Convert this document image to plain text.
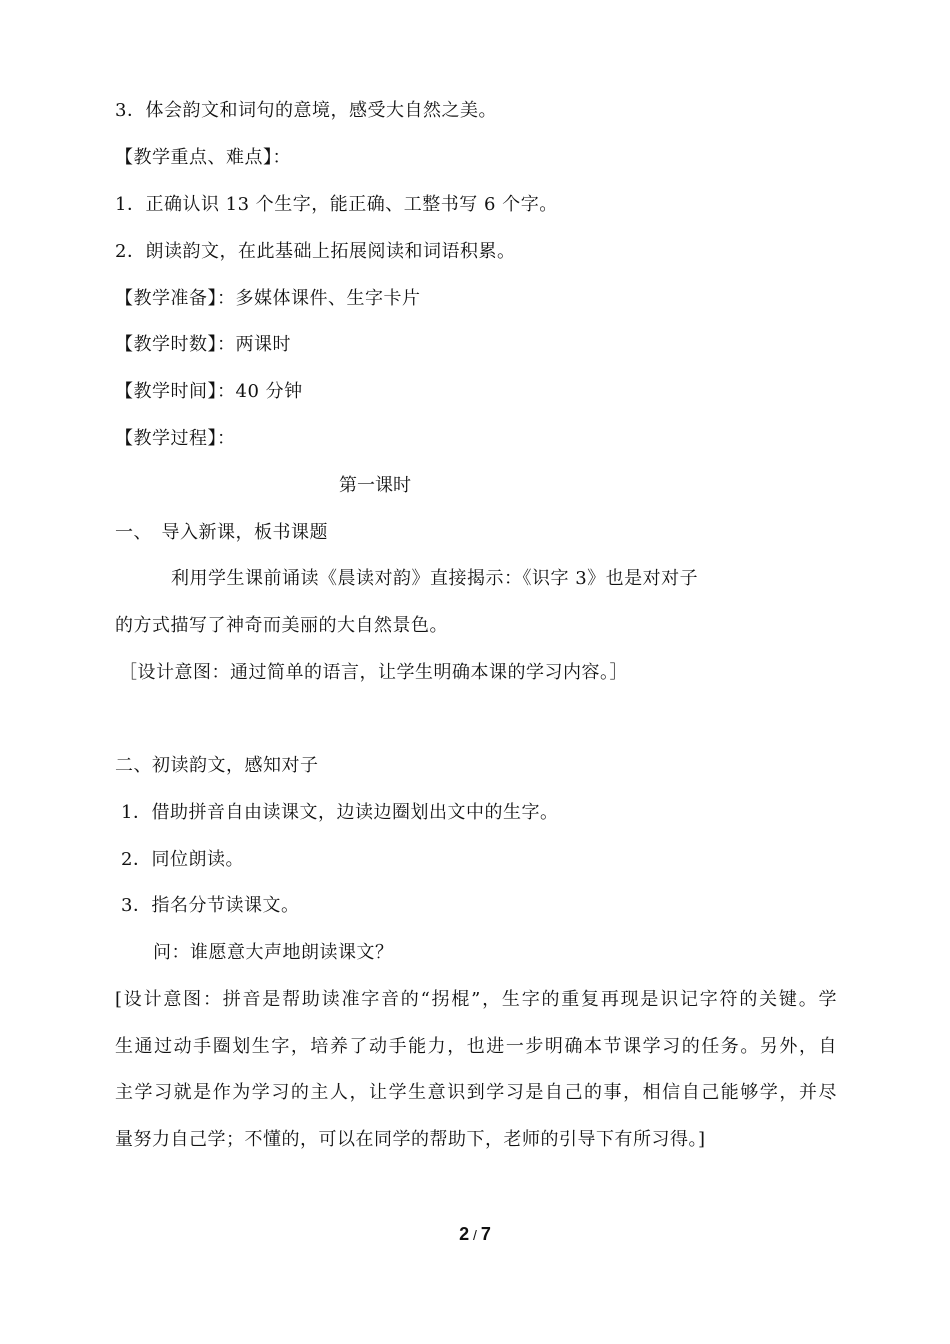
3．体会韵文和词句的意境，感受大自然之美。
【教学重点、难点】：
1．正确认识 13 个生字，能正确、工整书写 6 个字。
2．朗读韵文，在此基础上拓展阅读和词语积累。
【教学准备】：多媒体课件、生字卡片
【教学时数】：两课时
【教学时间】：40 分钟
【教学过程】：
第一课时
一、　导入新课，板书课题
利用学生课前诵读《晨读对韵》直接揭示：《识字 3》也是对对子
的方式描写了神奇而美丽的大自然景色。
［设计意图：通过简单的语言，让学生明确本课的学习内容。］
二、初读韵文，感知对子
1．借助拼音自由读课文，边读边圈划出文中的生字。
2．同位朗读。
3．指名分节读课文。
问：谁愿意大声地朗读课文？
[设计意图：拼音是帮助读准字音的“拐棍”，生字的重复再现是识记字符的关键。学
生通过动手圈划生字，培养了动手能力，也进一步明确本节课学习的任务。另外，自
主学习就是作为学习的主人，让学生意识到学习是自己的事，相信自己能够学，并尽
量努力自己学；不懂的，可以在同学的帮助下，老师的引导下有所习得。]
2 / 7
